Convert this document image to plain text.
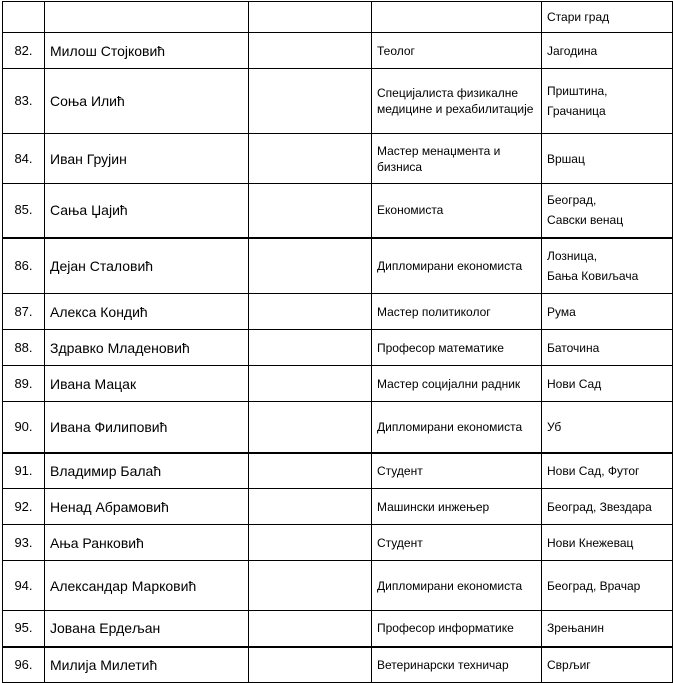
				Стари град

82.	Милош Стојковић		Теолог	Јагодина

83.	Соња Илић		Специјалиста физикалне медицине и рехабилитације	Приштина,
Грачаница

84.	Иван Грујин		Мастер менаџмента и бизниса	Вршац

85.	Сања Џајић		Економиста	Београд,
Савски венац

86.	Дејан Сталовић		Дипломирани економиста	Лозница,
Бања Ковиљача

87.	Алекса Кондић		Мастер политиколог	Рума

88.	Здравко Младеновић		Професор математике	Баточина

89.	Ивана Мацак		Мастер социјални радник	Нови Сад

90.	Ивана Филиповић		Дипломирани економиста	Уб

91.	Владимир Балаћ		Студент	Нови Сад, Футог

92.	Ненад Абрамовић		Машински инжењер	Београд, Звездара

93.	Ања Ранковић		Студент	Нови Кнежевац

94.	Александар Марковић		Дипломирани економиста	Београд, Врачар

95.	Јована Ердељан		Професор информатике	Зрењанин

96.	Милија Милетић		Ветеринарски техничар	Сврљиг
